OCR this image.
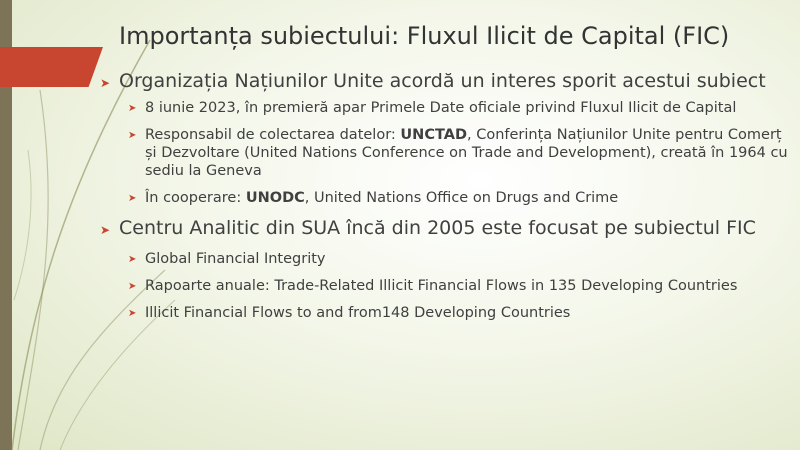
Importanța subiectului: Fluxul Ilicit de Capital (FIC)
➤ Organizația Națiunilor Unite acordă un interes sporit acestui subiect
➤ 8 iunie 2023, în premieră apar Primele Date oficiale privind Fluxul Ilicit de Capital
➤ Responsabil de colectarea datelor: UNCTAD, Conferința Națiunilor Unite pentru Comerț și Dezvoltare (United Nations Conference on Trade and Development), creată în 1964 cu sediu la Geneva
➤ În cooperare: UNODC, United Nations Office on Drugs and Crime
➤ Centru Analitic din SUA încă din 2005 este focusat pe subiectul FIC
➤ Global Financial Integrity
➤ Rapoarte anuale: Trade-Related Illicit Financial Flows in 135 Developing Countries
➤ Illicit Financial Flows to and from148 Developing Countries
